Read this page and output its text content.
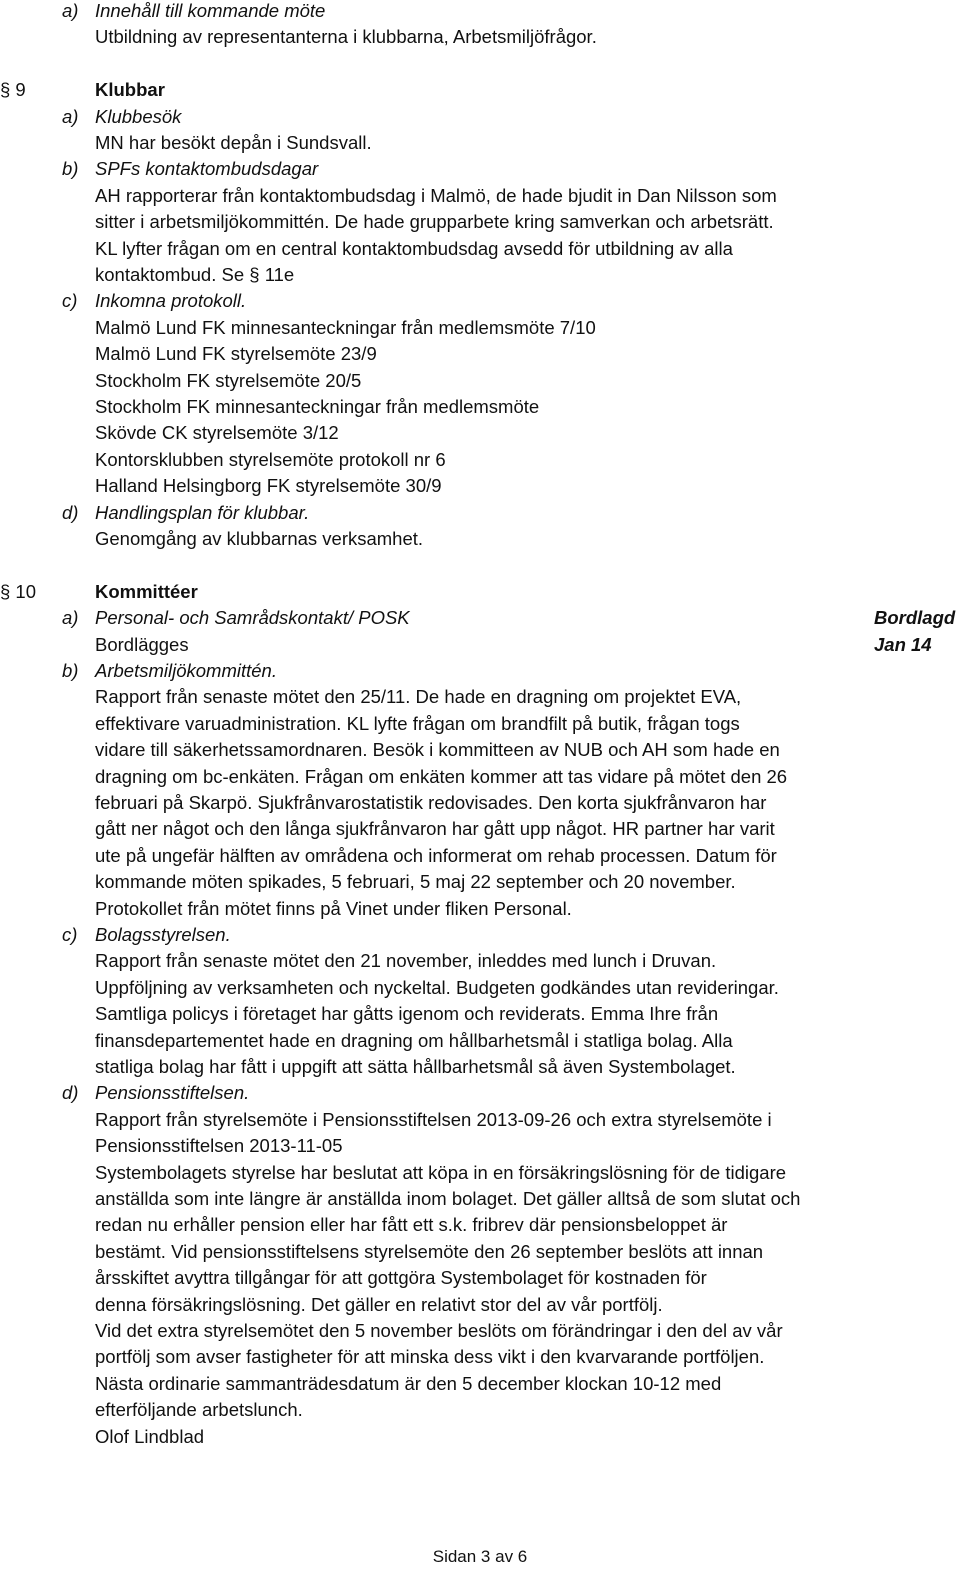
a) Innehåll till kommande möte
Utbildning av representanterna i klubbarna, Arbetsmiljöfrågor.
§ 9	Klubbar
a) Klubbesök
MN har besökt depån i Sundsvall.
b) SPFs kontaktombudsdagar
AH rapporterar från kontaktombudsdag i Malmö, de hade bjudit in Dan Nilsson som
sitter i arbetsmiljökommittén. De hade grupparbete kring samverkan och arbetsrätt.
KL lyfter frågan om en central kontaktombudsdag avsedd för utbildning av alla
kontaktombud. Se § 11e
c) Inkomna protokoll.
Malmö Lund FK minnesanteckningar från medlemsmöte 7/10
Malmö Lund FK styrelsemöte 23/9
Stockholm FK styrelsemöte 20/5
Stockholm FK minnesanteckningar från medlemsmöte
Skövde CK styrelsemöte 3/12
Kontorsklubben styrelsemöte protokoll nr 6
Halland Helsingborg FK styrelsemöte 30/9
d) Handlingsplan för klubbar.
Genomgång av klubbarnas verksamhet.
§ 10	Kommittéer
a) Personal- och Samrådskontakt/ POSK	Bordlagd
Bordlägges	Jan 14
b) Arbetsmiljökommittén.
Rapport från senaste mötet den 25/11. De hade en dragning om projektet EVA,
effektivare varuadministration. KL lyfte frågan om brandfilt på butik, frågan togs
vidare till säkerhetssamordnaren. Besök i kommitteen av NUB och AH som hade en
dragning om bc-enkäten. Frågan om enkäten kommer att tas vidare på mötet den 26
februari på Skarpö. Sjukfrånvarostatistik redovisades. Den korta sjukfrånvaron har
gått ner något och den långa sjukfrånvaron har gått upp något. HR partner har varit
ute på ungefär hälften av områdena och informerat om rehab processen. Datum för
kommande möten spikades, 5 februari, 5 maj 22 september och 20 november.
Protokollet från mötet finns på Vinet under fliken Personal.
c) Bolagsstyrelsen.
Rapport från senaste mötet den 21 november, inleddes med lunch i Druvan.
Uppföljning av verksamheten och nyckeltal. Budgeten godkändes utan revideringar.
Samtliga policys i företaget har gåtts igenom och reviderats. Emma Ihre från
finansdepartementet hade en dragning om hållbarhetsmål i statliga bolag. Alla
statliga bolag har fått i uppgift att sätta hållbarhetsmål så även Systembolaget.
d) Pensionsstiftelsen.
Rapport från styrelsemöte i Pensionsstiftelsen 2013-09-26 och extra styrelsemöte i
Pensionsstiftelsen 2013-11-05
Systembolagets styrelse har beslutat att köpa in en försäkringslösning för de tidigare
anställda som inte längre är anställda inom bolaget. Det gäller alltså de som slutat och
redan nu erhåller pension eller har fått ett s.k. fribrev där pensionsbeloppet är
bestämt. Vid pensionsstiftelsens styrelsemöte den 26 september beslöts att innan
årsskiftet avyttra tillgångar för att gottgöra Systembolaget för kostnaden för
denna försäkringslösning. Det gäller en relativt stor del av vår portfölj.
Vid det extra styrelsemötet den 5 november beslöts om förändringar i den del av vår
portfölj som avser fastigheter för att minska dess vikt i den kvarvarande portföljen.
Nästa ordinarie sammanträdesdatum är den 5 december klockan 10-12 med
efterföljande arbetslunch.
Olof Lindblad
Sidan 3 av 6
